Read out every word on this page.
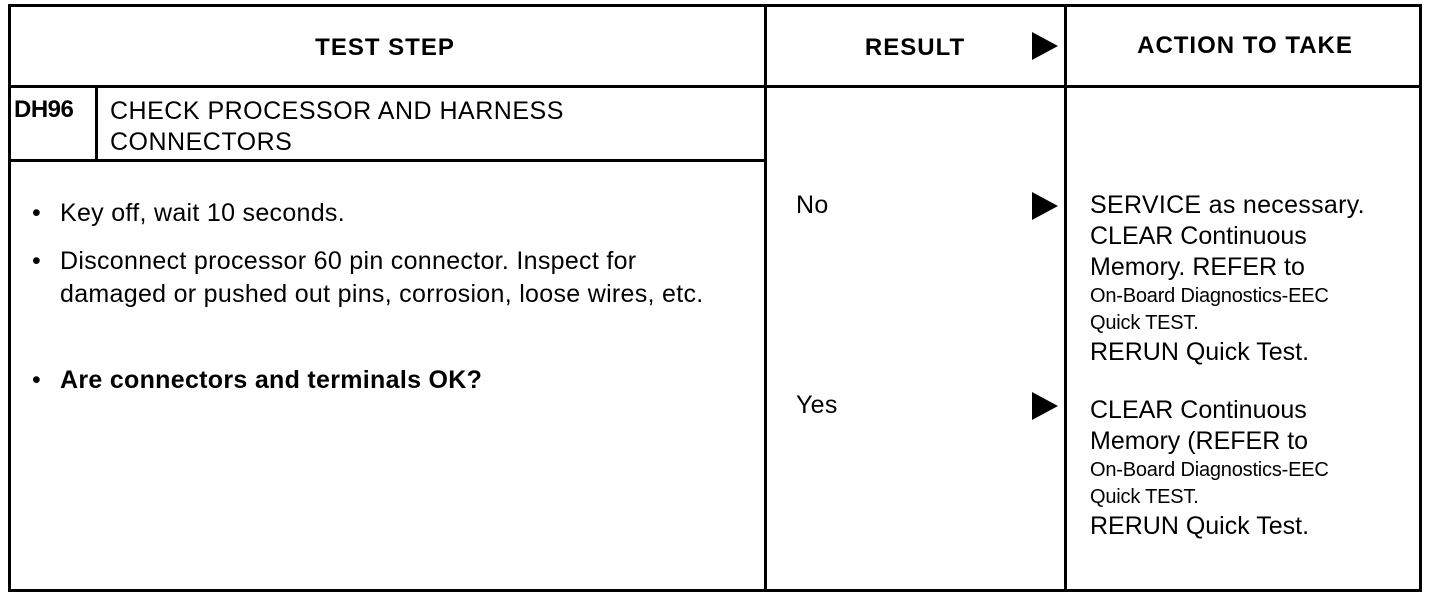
TEST STEP	RESULT	ACTION TO TAKE
DH96 CHECK PROCESSOR AND HARNESS
CONNECTORS
• Key off, wait 10 seconds.
• Disconnect processor 60 pin connector. Inspect for damaged or pushed out pins, corrosion, loose wires, etc.
• Are connectors and terminals OK?
No	SERVICE as necessary.
CLEAR Continuous
Memory. REFER to
On-Board Diagnostics-EEC
Quick TEST.
RERUN Quick Test.
Yes	CLEAR Continuous
Memory (REFER to
On-Board Diagnostics-EEC
Quick TEST.
RERUN Quick Test.
